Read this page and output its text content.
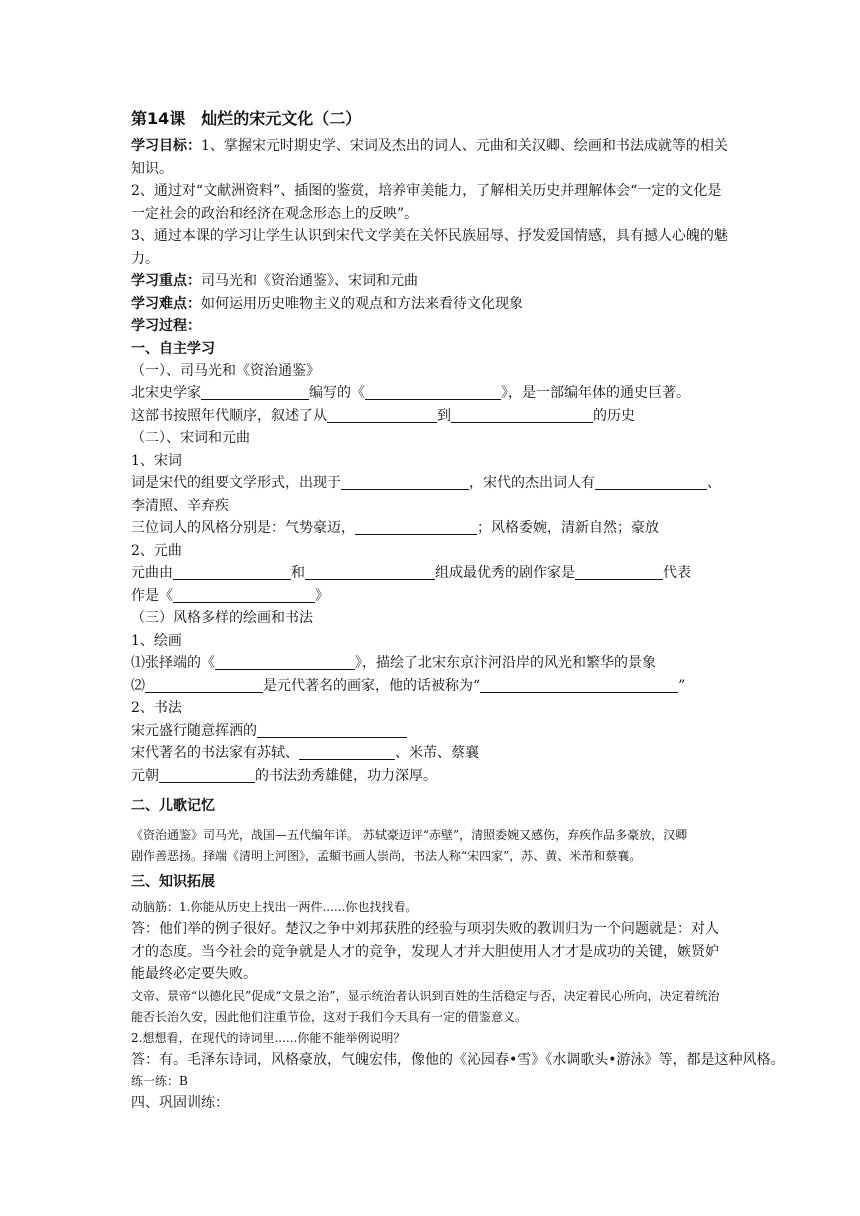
第14课　灿烂的宋元文化（二）
学习目标：1、掌握宋元时期史学、宋词及杰出的词人、元曲和关汉卿、绘画和书法成就等的相关知识。
2、通过对“文献洲资料”、插图的鉴赏，培养审美能力，了解相关历史并理解体会“一定的文化是一定社会的政治和经济在观念形态上的反映”。
3、通过本课的学习让学生认识到宋代文学美在关怀民族屈辱、抒发爱国情感，具有撼人心魄的魅力。
学习重点：司马光和《资治通鉴》、宋词和元曲
学习难点：如何运用历史唯物主义的观点和方法来看待文化现象
学习过程：
一、自主学习
（一）、司马光和《资治通鉴》
北宋史学家	编写的《	》，是一部编年体的通史巨著。
这部书按照年代顺序，叙述了从	到	的历史
（二）、宋词和元曲
1、宋词
词是宋代的组要文学形式，出现于	，宋代的杰出词人有	、
李清照、辛弃疾
三位词人的风格分别是：气势豪迈，	；风格委婉，清新自然；豪放
2、元曲
元曲由	和	组成最优秀的剧作家是	代表
作是《	》
（三）风格多样的绘画和书法
1、绘画
⑴张择端的《	》，描绘了北宋东京汴河沿岸的风光和繁华的景象
⑵	是元代著名的画家，他的话被称为“	”
2、书法
宋元盛行随意挥洒的
宋代著名的书法家有苏轼、	、米芾、蔡襄
元朝	的书法劲秀雄健，功力深厚。
二、儿歌记忆
《资治通鉴》司马光，战国—五代编年详。 苏轼豪迈评“赤壁”，清照委婉又感伤，弃疾作品多豪放，汉卿
剧作善恶扬。择端《清明上河图》，孟頫书画人崇尚，书法人称“宋四家”，苏、黄、米芾和蔡襄。
三、知识拓展
动脑筋：1.你能从历史上找出一两件......你也找找看。
答：他们举的例子很好。楚汉之争中刘邦获胜的经验与项羽失败的教训归为一个问题就是：对人才的态度。当今社会的竞争就是人才的竞争，发现人才并大胆使用人才才是成功的关键，嫉贤妒能最终必定要失败。
文帝、景帝“以德化民”促成“文景之治”，显示统治者认识到百姓的生活稳定与否，决定着民心所向，决定着统治能否长治久安，因此他们注重节俭，这对于我们今天具有一定的借鉴意义。
2.想想看，在现代的诗词里......你能不能举例说明？
答：有。毛泽东诗词，风格豪放，气魄宏伟，像他的《沁园春•雪》《水调歌头•游泳》等，都是这种风格。
练一练：B
四、巩固训练：
